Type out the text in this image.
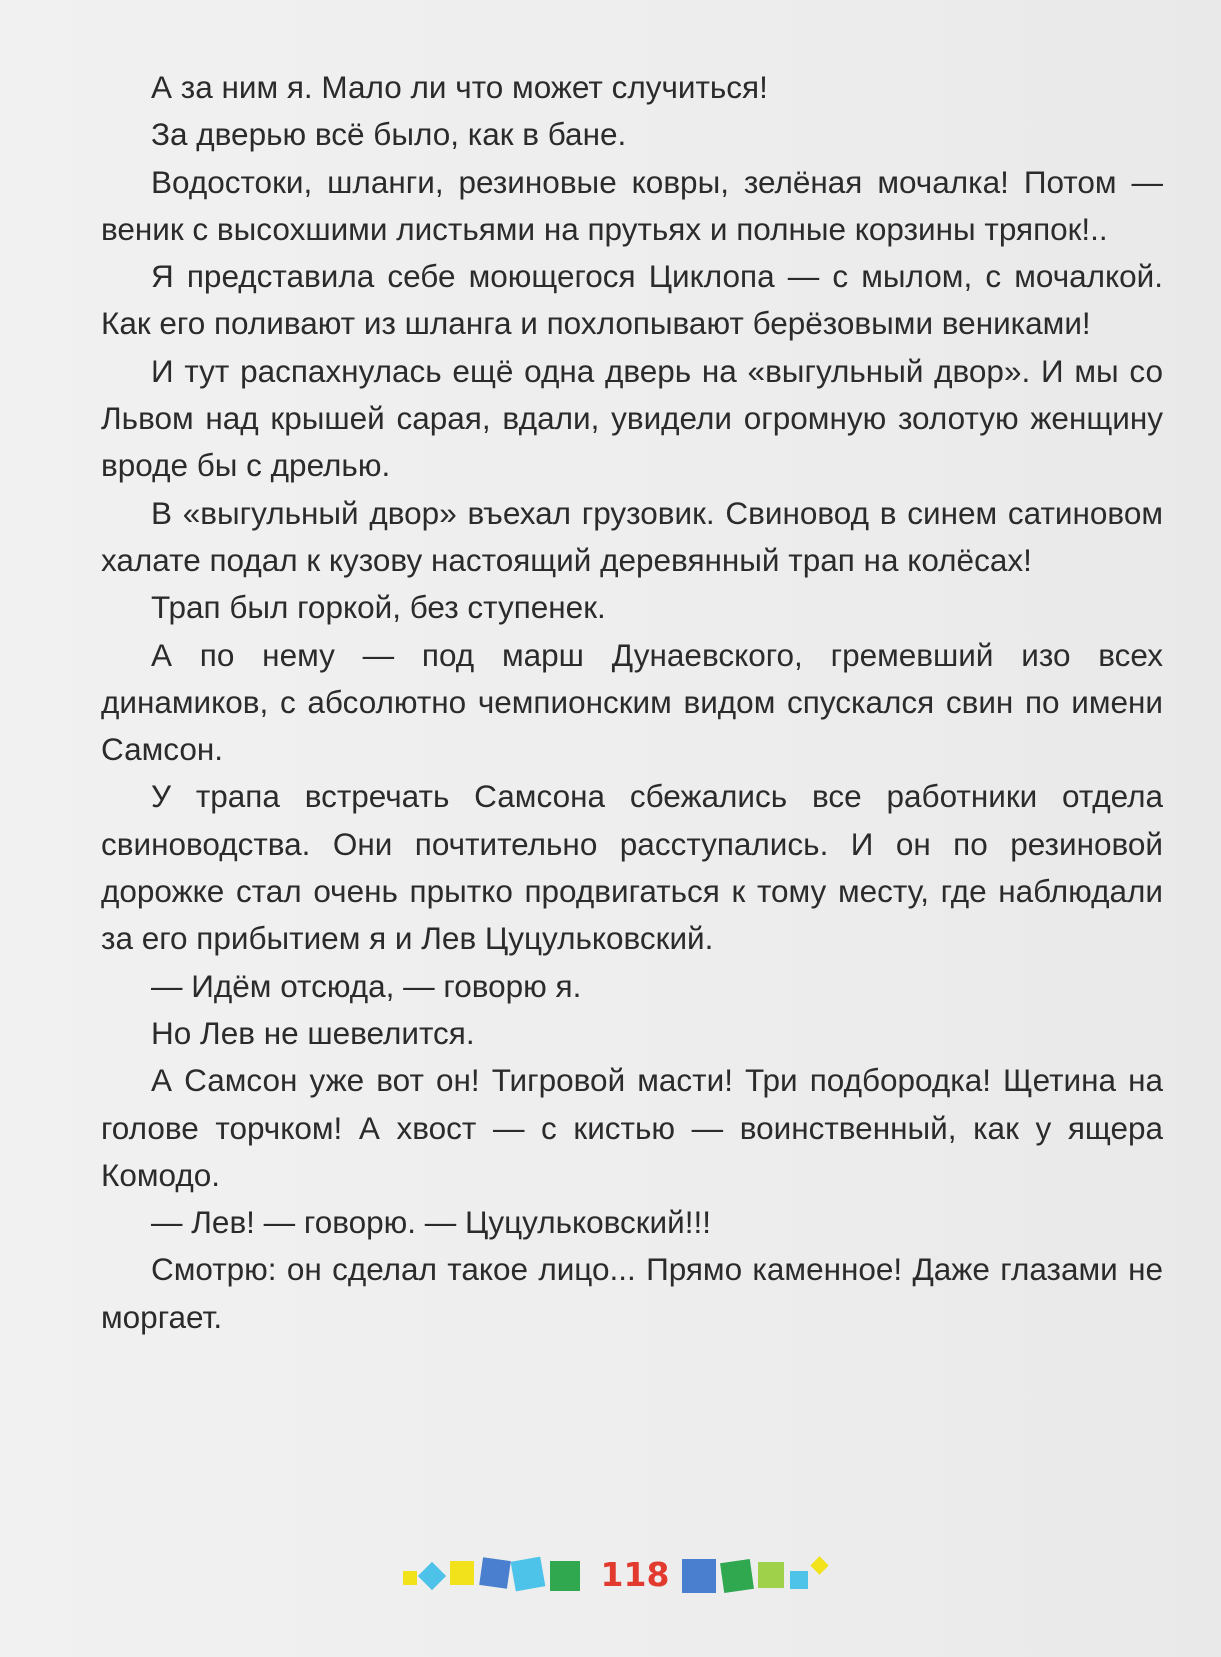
А за ним я. Мало ли что может случиться!

За дверью всё было, как в бане.

Водостоки, шланги, резиновые ковры, зелёная мочалка! Потом — веник с высохшими листьями на прутьях и полные корзины тряпок!..

Я представила себе моющегося Циклопа — с мылом, с мочалкой. Как его поливают из шланга и похлопывают берёзовыми вениками!

И тут распахнулась ещё одна дверь на «выгульный двор». И мы со Львом над крышей сарая, вдали, увидели огромную золотую женщину вроде бы с дрелью.

В «выгульный двор» въехал грузовик. Свиновод в синем сатиновом халате подал к кузову настоящий деревянный трап на колёсах!

Трап был горкой, без ступенек.

А по нему — под марш Дунаевского, гремевший изо всех динамиков, с абсолютно чемпионским видом спускался свин по имени Самсон.

У трапа встречать Самсона сбежались все работники отдела свиноводства. Они почтительно расступались. И он по резиновой дорожке стал очень прытко продвигаться к тому месту, где наблюдали за его прибытием я и Лев Цуцульковский.

— Идём отсюда, — говорю я.

Но Лев не шевелится.

А Самсон уже вот он! Тигровой масти! Три подбородка! Щетина на голове торчком! А хвост — с кистью — воинственный, как у ящера Комодо.

— Лев! — говорю. — Цуцульковский!!!

Смотрю: он сделал такое лицо... Прямо каменное! Даже глазами не моргает.

118
